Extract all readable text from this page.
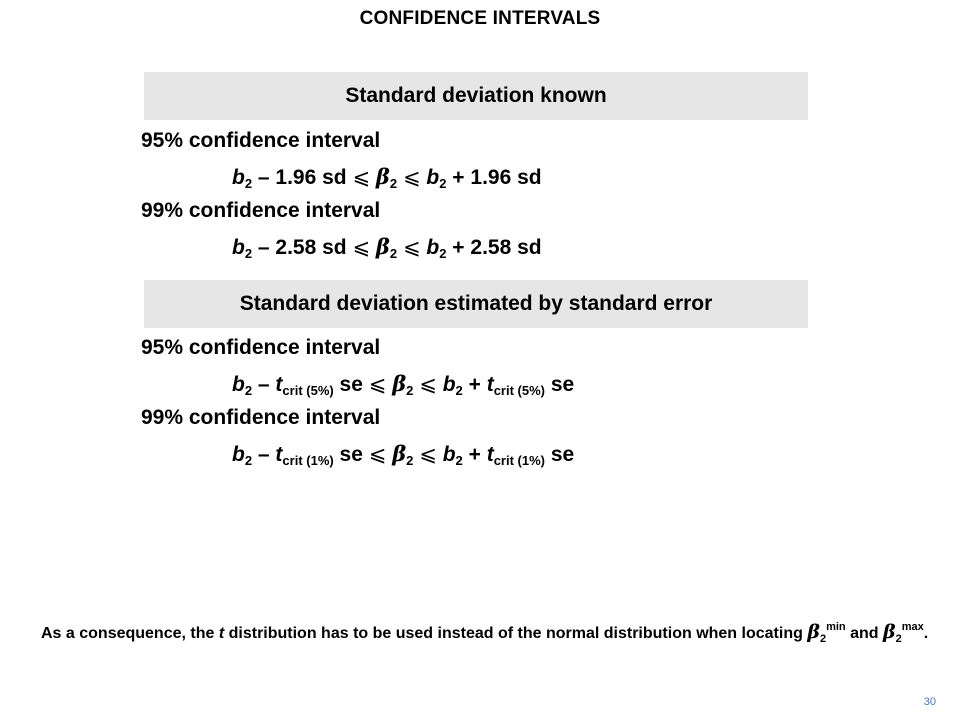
CONFIDENCE INTERVALS
Standard deviation known
95% confidence interval
$b_2 - 1.96$ sd ⩽ $\beta_2$ ⩽ $b_2 + 1.96$ sd
99% confidence interval
$b_2 - 2.58$ sd ⩽ $\beta_2$ ⩽ $b_2 + 2.58$ sd
Standard deviation estimated by standard error
95% confidence interval
$b_2 - t_{crit (5\%)}$ se ⩽ $\beta_2$ ⩽ $b_2 + t_{crit (5\%)}$ se
99% confidence interval
$b_2 - t_{crit (1\%)}$ se ⩽ $\beta_2$ ⩽ $b_2 + t_{crit (1\%)}$ se
As a consequence, the t distribution has to be used instead of the normal distribution when locating $\beta_2^{min}$ and $\beta_2^{max}$.
30
